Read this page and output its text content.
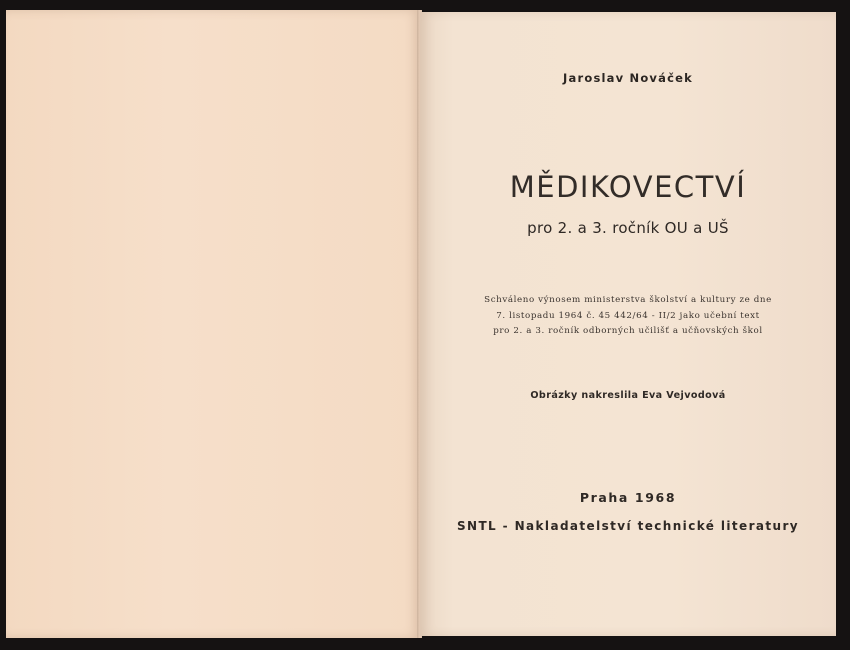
Jaroslav Nováček
MĚDIKOVECTVÍ
pro 2. a 3. ročník OU a UŠ
Schváleno výnosem ministerstva školství a kultury ze dne
7. listopadu 1964 č. 45 442/64 - II/2 jako učební text
pro 2. a 3. ročník odborných učilišť a učňovských škol
Obrázky nakreslila Eva Vejvodová
Praha 1968
SNTL - Nakladatelství technické literatury
